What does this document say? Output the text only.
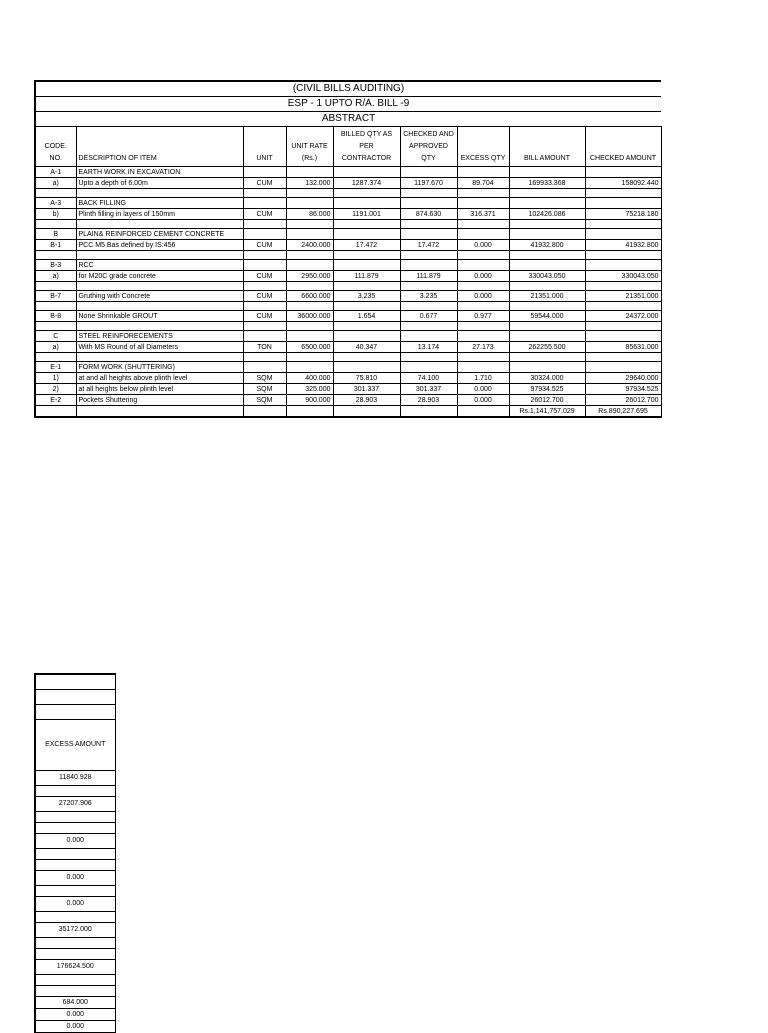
(CIVIL BILLS AUDITING)								
ESP - 1 UPTO R/A. BILL -9								
ABSTRACT								
CODE. NO.	DESCRIPTION OF ITEM	UNIT	UNIT RATE (Rs.)	BILLED QTY AS PER CONTRACTOR	CHECKED AND APPROVED QTY	EXCESS QTY	BILL AMOUNT	CHECKED AMOUNT
A-1	EARTH WORK IN EXCAVATION							
a)	Upto a depth of 6.00m	CUM	132.000	1287.374	1197.670	89.704	169933.368	158092.440

A-3	BACK FILLING							
b)	Plinth filling in layers of 150mm	CUM	86.000	1191.001	874.630	316.371	102426.086	75218.180

B	PLAIN& REINFORCED CEMENT CONCRETE							
B-1	PCC M5 Bas defined by IS:456	CUM	2400.000	17.472	17.472	0.000	41932.800	41932.800

B-3	RCC							
a)	for M20C grade concrete	CUM	2950.000	111.879	111.879	0.000	330043.050	330043.050

B-7	Gruthing with Concrete	CUM	6600.000	3.235	3.235	0.000	21351.000	21351.000

B-8	None Shrinkable GROUT	CUM	36000.000	1.654	0.677	0.977	59544.000	24372.000

C	STEEL REINFORECEMENTS							
a)	With MS Round of all Diameters	TON	6500.000	40.347	13.174	27.173	262255.500	85631.000

E-1	FORM WORK (SHUTTERING)							
1)	at and all heights above plinth level	SQM	400.000	75.810	74.100	1.710	30324.000	29640.000
2)	at all heights below plinth level	SQM	325.000	301.337	301.337	0.000	97934.525	97934.525
E-2	Pockets Shuttering	SQM	900.000	28.903	28.903	0.000	26012.700	26012.700
							Rs.1,141,757.029	Rs.890,227.695

EXCESS AMOUNT
11840.928

27207.906

0.000

0.000

0.000

35172.000

176624.500

684.000
0.000
0.000
